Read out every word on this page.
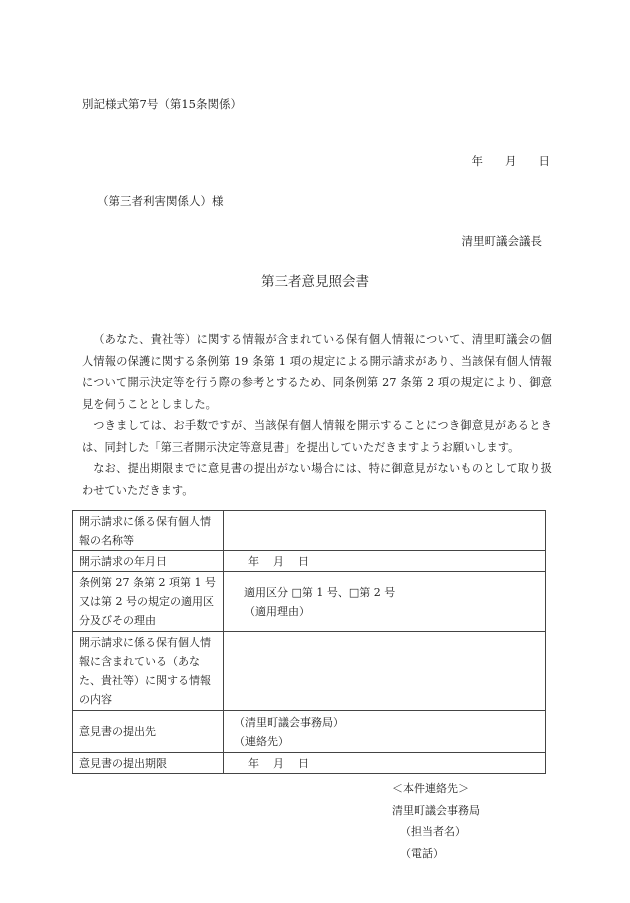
別記様式第7号（第15条関係）
年 月 日
（第三者利害関係人）様
清里町議会議長
第三者意見照会書

（あなた、貴社等）に関する情報が含まれている保有個人情報について、清里町議会の個人情報の保護に関する条例第 19 条第 1 項の規定による開示請求があり、当該保有個人情報について開示決定等を行う際の参考とするため、同条例第 27 条第 2 項の規定により、御意見を伺うこととしました。

つきましては、お手数ですが、当該保有個人情報を開示することにつき御意見があるときは、同封した「第三者開示決定等意見書」を提出していただきますようお願いします。

なお、提出期限までに意見書の提出がない場合には、特に御意見がないものとして取り扱わせていただきます。

開示請求に係る保有個人情報の名称等	
開示請求の年月日	年 月 日
条例第 27 条第 2 項第 1 号又は第 2 号の規定の適用区分及びその理由	適用区分 □第 1 号、□第 2 号
（適用理由）

開示請求に係る保有個人情報に含まれている（あなた、貴社等）に関する情報の内容	
意見書の提出先	（清里町議会事務局）
（連絡先）

意見書の提出期限	年 月 日
＜本件連絡先＞
清里町議会事務局
（担当者名）
（電話）
